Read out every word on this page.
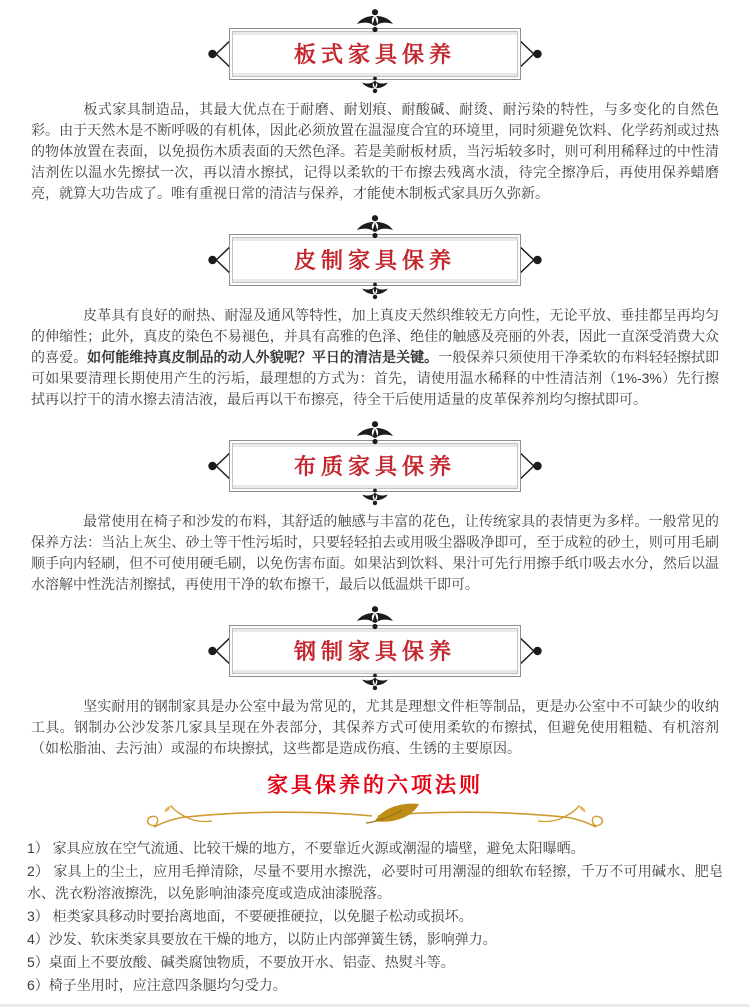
板式家具保养

板式家具制造品，其最大优点在于耐磨、耐划痕、耐酸碱、耐烫、耐污染的特性，与多变化的自然色彩。由于天然木是不断呼吸的有机体，因此必须放置在温湿度合宜的环境里，同时须避免饮料、化学药剂或过热的物体放置在表面，以免损伤木质表面的天然色泽。若是美耐板材质，当污垢较多时，则可利用稀释过的中性清洁剂佐以温水先擦拭一次，再以清水擦拭，记得以柔软的干布擦去残离水渍，待完全擦净后，再使用保养蜡磨亮，就算大功告成了。唯有重视日常的清洁与保养，才能使木制板式家具历久弥新。

皮制家具保养

皮革具有良好的耐热、耐湿及通风等特性，加上真皮天然织维较无方向性，无论平放、垂挂都呈再均匀的伸缩性；此外，真皮的染色不易褪色，并具有高雅的色泽、绝佳的触感及亮丽的外表，因此一直深受消费大众的喜爱。如何能维持真皮制品的动人外貌呢？平日的清洁是关键。一般保养只须使用干净柔软的布料轻轻擦拭即可如果要清理长期使用产生的污垢，最理想的方式为：首先，请使用温水稀释的中性清洁剂（1%-3%）先行擦拭再以拧干的清水擦去清洁液，最后再以干布擦亮，待全干后使用适量的皮革保养剂均匀擦拭即可。

布质家具保养

最常使用在椅子和沙发的布料，其舒适的触感与丰富的花色，让传统家具的表情更为多样。一般常见的保养方法：当沾上灰尘、砂土等干性污垢时，只要轻轻拍去或用吸尘器吸净即可，至于成粒的砂土，则可用毛刷顺手向内轻刷，但不可使用硬毛刷，以免伤害布面。如果沾到饮料、果汁可先行用擦手纸巾吸去水分，然后以温水溶解中性洗洁剂擦拭，再使用干净的软布擦干，最后以低温烘干即可。

钢制家具保养

坚实耐用的钢制家具是办公室中最为常见的，尤其是理想文件柜等制品，更是办公室中不可缺少的收纳工具。钢制办公沙发茶几家具呈现在外表部分，其保养方式可使用柔软的布擦拭，但避免使用粗糙、有机溶剂（如松脂油、去污油）或湿的布块擦拭，这些都是造成伤痕、生锈的主要原因。

家具保养的六项法则
1） 家具应放在空气流通、比较干燥的地方，不要靠近火源或潮湿的墙壁，避免太阳曝晒。
2） 家具上的尘土，应用毛掸清除，尽量不要用水擦洗，必要时可用潮湿的细软布轻擦，千万不可用碱水、肥皂水、洗衣粉溶液擦洗，以免影响油漆亮度或造成油漆脱落。
3） 柜类家具移动时要抬离地面，不要硬推硬拉，以免腿子松动或损坏。
4）沙发、软床类家具要放在干燥的地方，以防止内部弹簧生锈，影响弹力。
5）桌面上不要放酸、碱类腐蚀物质，不要放开水、铝壶、热熨斗等。
6）椅子坐用时，应注意四条腿均匀受力。
